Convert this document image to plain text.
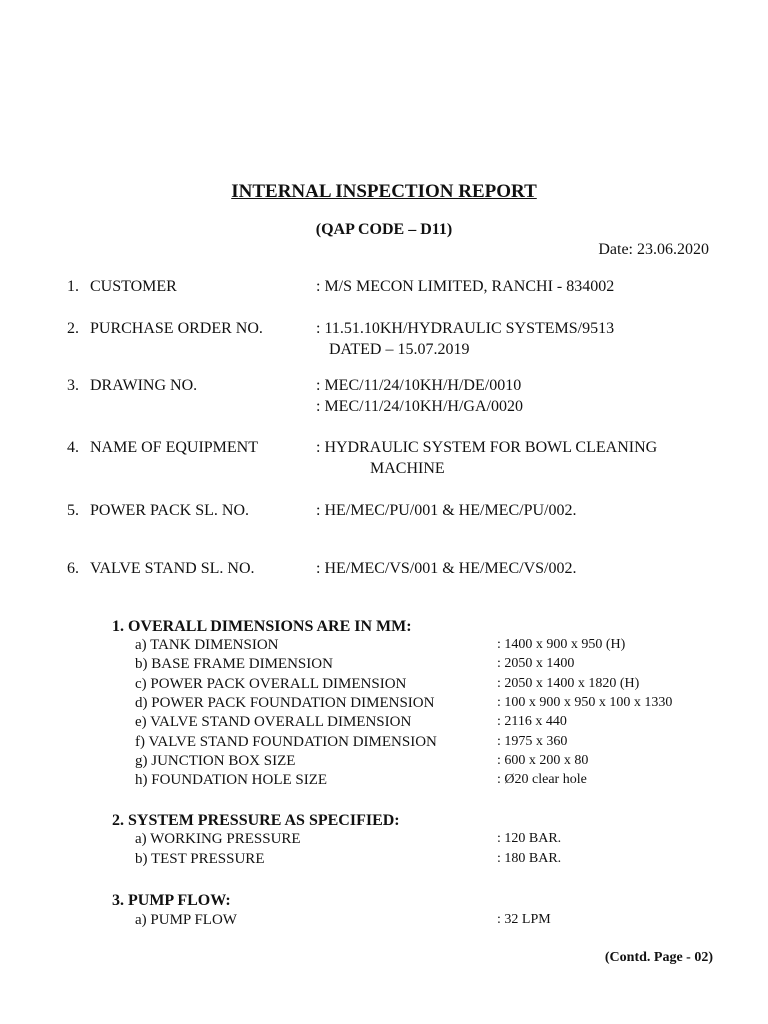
INTERNAL INSPECTION REPORT
(QAP CODE – D11)
Date: 23.06.2020
1. CUSTOMER	: M/S MECON LIMITED, RANCHI - 834002
2. PURCHASE ORDER NO.	: 11.51.10KH/HYDRAULIC SYSTEMS/9513
DATED – 15.07.2019
3. DRAWING NO.	: MEC/11/24/10KH/H/DE/0010
: MEC/11/24/10KH/H/GA/0020
4. NAME OF EQUIPMENT	: HYDRAULIC SYSTEM FOR BOWL CLEANING
MACHINE
5. POWER PACK SL. NO.	: HE/MEC/PU/001 & HE/MEC/PU/002.
6. VALVE STAND SL. NO.	: HE/MEC/VS/001 & HE/MEC/VS/002.
1. OVERALL DIMENSIONS ARE IN MM:
a) TANK DIMENSION	: 1400 x 900 x 950 (H)
b) BASE FRAME DIMENSION	: 2050 x 1400
c) POWER PACK OVERALL DIMENSION	: 2050 x 1400 x 1820 (H)
d) POWER PACK FOUNDATION DIMENSION	: 100 x 900 x 950 x 100 x 1330
e) VALVE STAND OVERALL DIMENSION	: 2116 x 440
f) VALVE STAND FOUNDATION DIMENSION	: 1975 x 360
g) JUNCTION BOX SIZE	: 600 x 200 x 80
h) FOUNDATION HOLE SIZE	: Ø20 clear hole
2. SYSTEM PRESSURE AS SPECIFIED:
a) WORKING PRESSURE	: 120 BAR.
b) TEST PRESSURE	: 180 BAR.
3. PUMP FLOW:
a) PUMP FLOW	: 32 LPM
(Contd. Page - 02)
